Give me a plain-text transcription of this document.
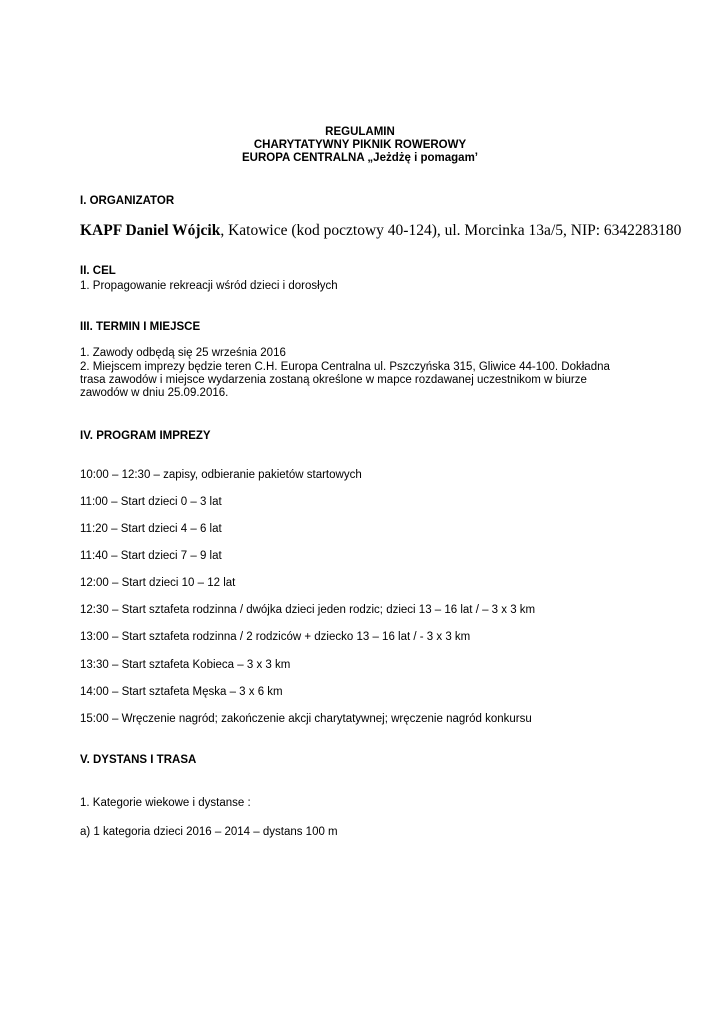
REGULAMIN
CHARYTATYWNY PIKNIK ROWEROWY
EUROPA CENTRALNA „Jeżdżę i pomagam’
I. ORGANIZATOR
KAPF Daniel Wójcik, Katowice (kod pocztowy 40-124), ul. Morcinka 13a/5, NIP: 6342283180
II. CEL
1. Propagowanie rekreacji wśród dzieci i dorosłych
III. TERMIN I MIEJSCE
1. Zawody odbędą się 25 września 2016
2. Miejscem imprezy będzie teren C.H. Europa Centralna ul. Pszczyńska 315, Gliwice 44-100. Dokładna
trasa zawodów i miejsce wydarzenia zostaną określone w mapce rozdawanej uczestnikom w biurze
zawodów w dniu 25.09.2016.
IV. PROGRAM IMPREZY
10:00 – 12:30 – zapisy, odbieranie pakietów startowych
11:00 – Start dzieci 0 – 3 lat
11:20 – Start dzieci 4 – 6 lat
11:40 – Start dzieci 7 – 9 lat
12:00 – Start dzieci 10 – 12 lat
12:30 – Start sztafeta rodzinna / dwójka dzieci jeden rodzic; dzieci 13 – 16 lat / – 3 x 3 km
13:00 – Start sztafeta rodzinna / 2 rodziców + dziecko 13 – 16 lat / - 3 x 3 km
13:30 – Start sztafeta Kobieca – 3 x 3 km
14:00 – Start sztafeta Męska – 3 x 6 km
15:00 – Wręczenie nagród; zakończenie akcji charytatywnej; wręczenie nagród konkursu
V. DYSTANS I TRASA
1. Kategorie wiekowe i dystanse :
a) 1 kategoria dzieci 2016 – 2014 – dystans 100 m
